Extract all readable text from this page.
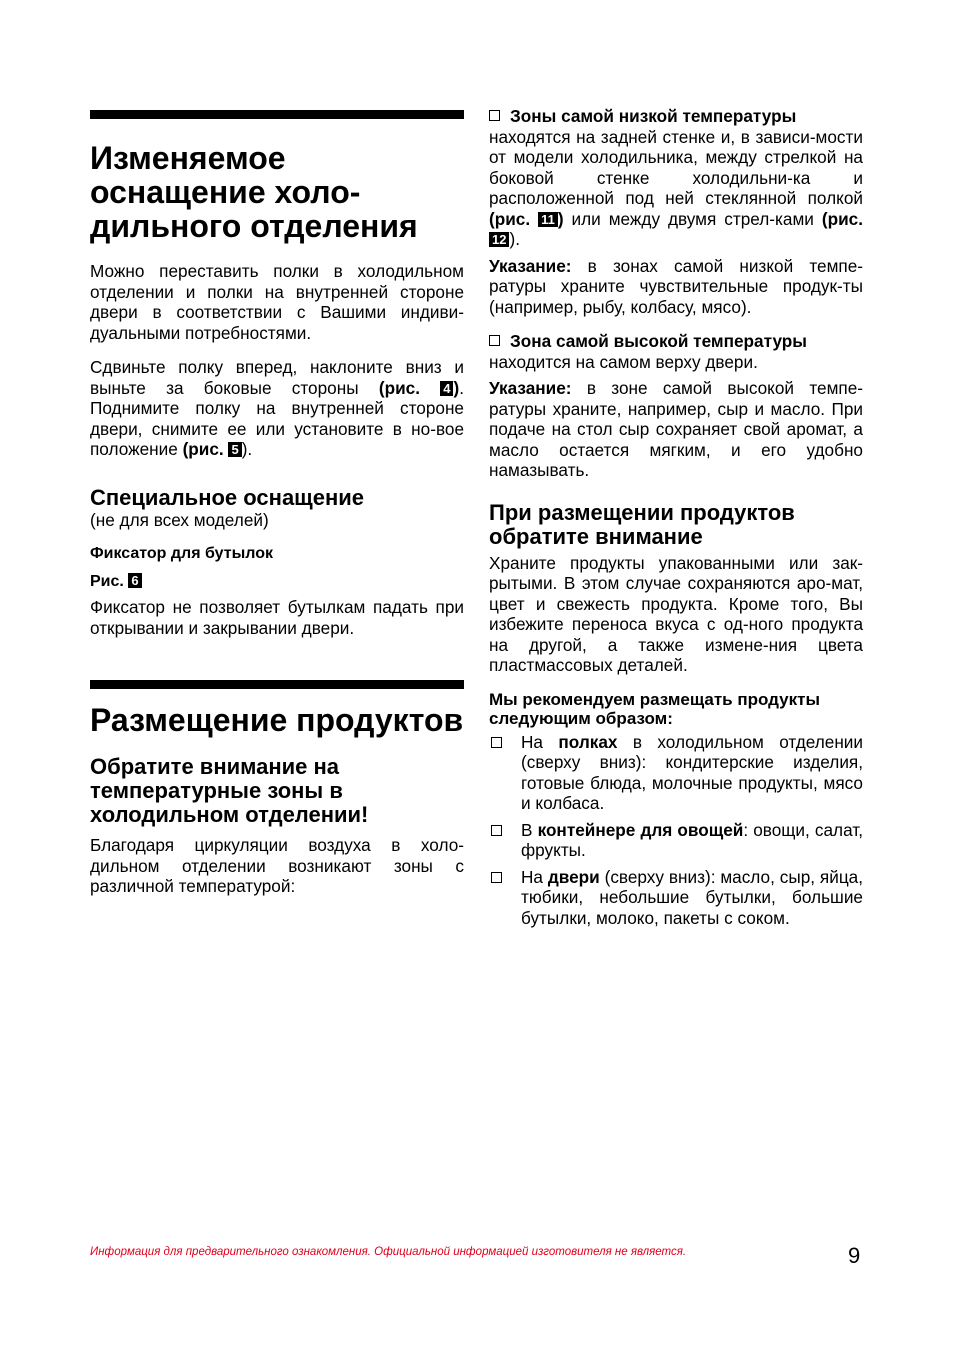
Изменяемое оснащение холо-дильного отделения

Можно переставить полки в холодильном отделении и полки на внутренней стороне двери в соответствии с Вашими индиви-дуальными потребностями.

Сдвиньте полку вперед, наклоните вниз и выньте за боковые стороны (рис. 4 ). Поднимите полку на внутренней стороне двери, снимите ее или установите в но-вое положение (рис. 5 ).

Специальное оснащение

(не для всех моделей)

Фиксатор для бутылок
Рис. 6

Фиксатор не позволяет бутылкам падать при открывании и закрывании двери.

Размещение продуктов
Обратите внимание на температурные зоны в холодильном отделении!

Благодаря циркуляции воздуха в холо-дильном отделении возникают зоны с различной температурой:

Зоны самой низкой температуры

находятся на задней стенке и, в зависи-мости от модели холодильника, между стрелкой на боковой стенке холодильни-ка и расположенной под ней стеклянной полкой (рис. 11 ) или между двумя стрел-ками (рис. 12 ).

Указание: в зонах самой низкой темпе-ратуры храните чувствительные продук-ты (например, рыбу, колбасу, мясо).

Зона самой высокой температуры

находится на самом верху двери.

Указание: в зоне самой высокой темпе-ратуры храните, например, сыр и масло. При подаче на стол сыр сохраняет свой аромат, а масло остается мягким, и его удобно намазывать.

При размещении продуктов обратите внимание

Храните продукты упакованными или зак-рытыми. В этом случае сохраняются аро-мат, цвет и свежесть продукта. Кроме того, Вы избежите переноса вкуса с од-ного продукта на другой, а также измене-ния цвета пластмассовых деталей.

Мы рекомендуем размещать продукты следующим образом:
На полках в холодильном отделении (сверху вниз): кондитерские изделия, готовые блюда, молочные продукты, мясо и колбаса.
В контейнере для овощей: овощи, салат, фрукты.
На двери (сверху вниз): масло, сыр, яйца, тюбики, небольшие бутылки, большие бутылки, молоко, пакеты с соком.
Информация для предварительного ознакомления. Официальной информацией изготовителя не является.	9
